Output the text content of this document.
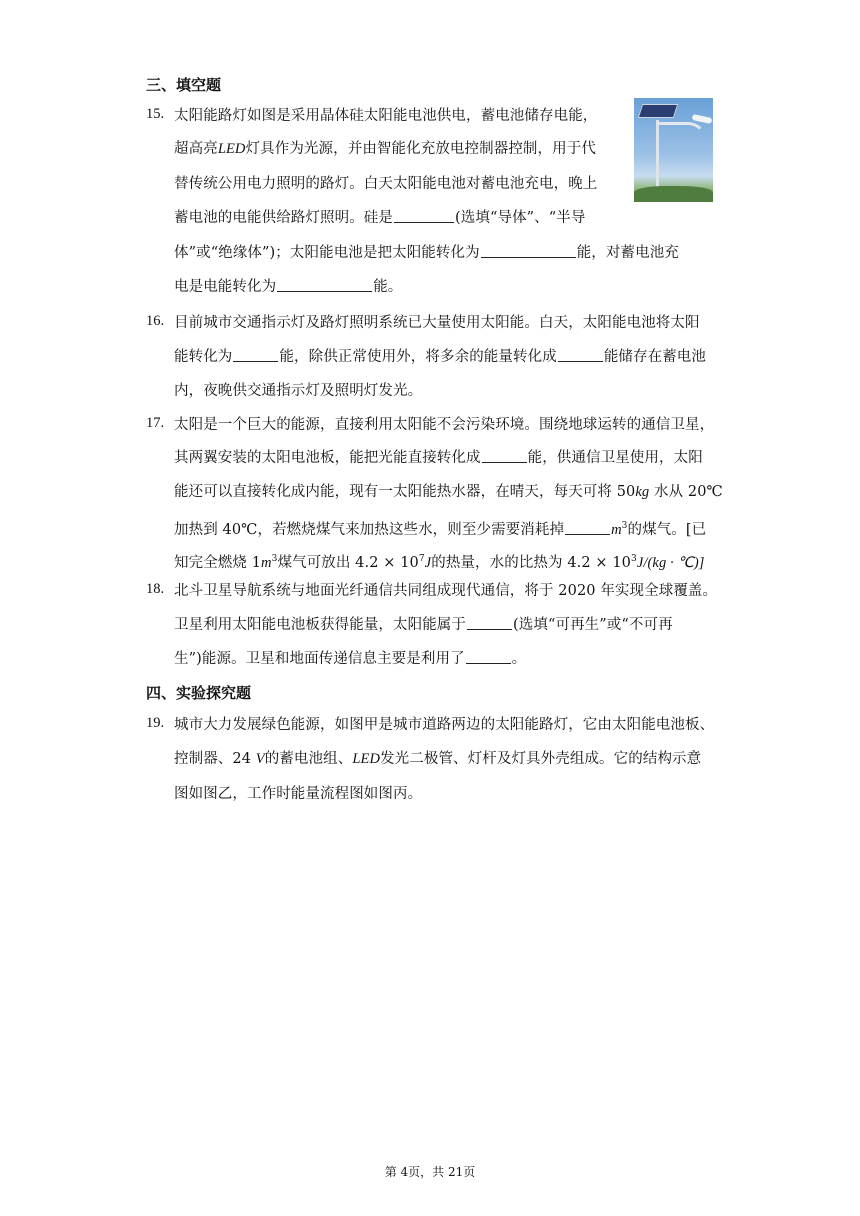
三、填空题
15. 太阳能路灯如图是采用晶体硅太阳能电池供电，蓄电池储存电能，
超高亮LED灯具作为光源，并由智能化充放电控制器控制，用于代
替传统公用电力照明的路灯。白天太阳能电池对蓄电池充电，晚上
蓄电池的电能供给路灯照明。硅是	(选填“导体”、“半导
体”或“绝缘体”)；太阳能电池是把太阳能转化为	能，对蓄电池充
电是电能转化为	能。
16. 目前城市交通指示灯及路灯照明系统已大量使用太阳能。白天，太阳能电池将太阳
能转化为	能，除供正常使用外，将多余的能量转化成	能储存在蓄电池
内，夜晚供交通指示灯及照明灯发光。
17. 太阳是一个巨大的能源，直接利用太阳能不会污染环境。围绕地球运转的通信卫星，
其两翼安装的太阳电池板，能把光能直接转化成	能，供通信卫星使用，太阳
能还可以直接转化成内能，现有一太阳能热水器，在晴天，每天可将 50kg 水从 20℃
加热到 40℃，若燃烧煤气来加热这些水，则至少需要消耗掉	$m^3$的煤气。[已
知完全燃烧 $1m^3$煤气可放出 $4.2 \times 10^7J$的热量，水的比热为 $4.2 \times 10^3J/(kg$ · ℃)]
18. 北斗卫星导航系统与地面光纤通信共同组成现代通信，将于 2020 年实现全球覆盖。
卫星利用太阳能电池板获得能量，太阳能属于	(选填“可再生”或“不可再
生”)能源。卫星和地面传递信息主要是利用了	。
四、实验探究题
19. 城市大力发展绿色能源，如图甲是城市道路两边的太阳能路灯，它由太阳能电池板、
控制器、24 V的蓄电池组、LED发光二极管、灯杆及灯具外壳组成。它的结构示意
图如图乙，工作时能量流程图如图丙。
第 4页，共 21页
